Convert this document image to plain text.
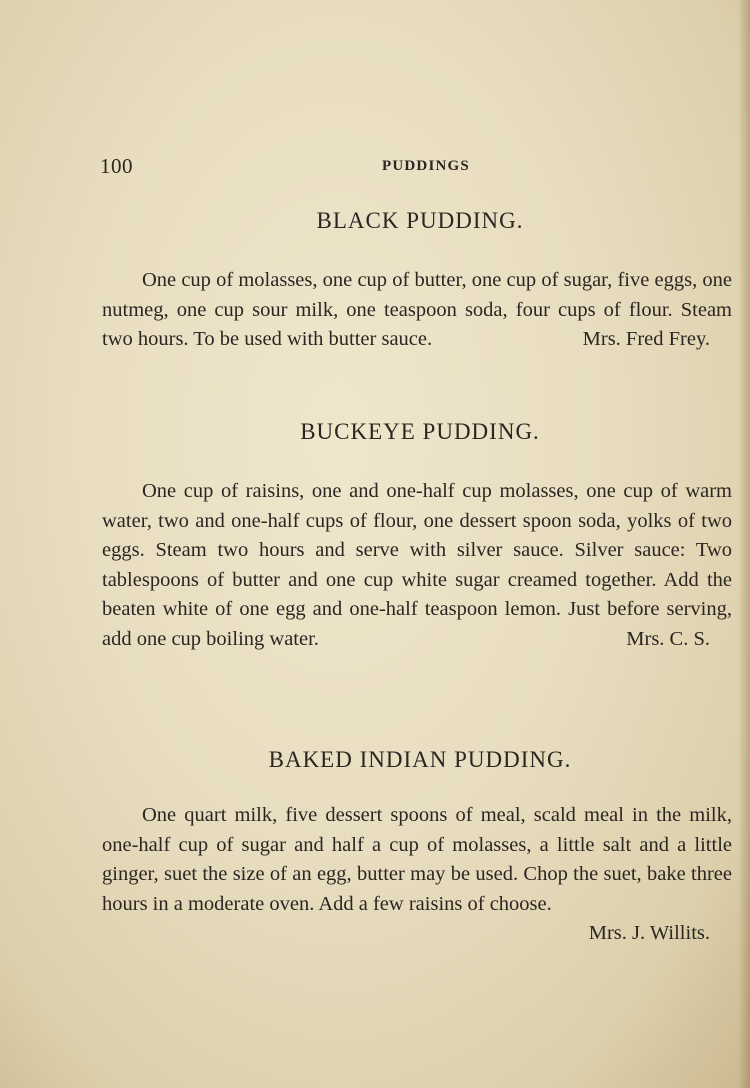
100	PUDDINGS
BLACK PUDDING.

One cup of molasses, one cup of butter, one cup of sugar, five eggs, one nutmeg, one cup sour milk, one teaspoon soda, four cups of flour. Steam two hours. To be used with butter sauce.	Mrs. Fred Frey.

BUCKEYE PUDDING.

One cup of raisins, one and one-half cup molasses, one cup of warm water, two and one-half cups of flour, one dessert spoon soda, yolks of two eggs. Steam two hours and serve with silver sauce. Silver sauce: Two tablespoons of butter and one cup white sugar creamed together. Add the beaten white of one egg and one-half teaspoon lemon. Just before serving, add one cup boiling water.	Mrs. C. S.

BAKED INDIAN PUDDING.

One quart milk, five dessert spoons of meal, scald meal in the milk, one-half cup of sugar and half a cup of molasses, a little salt and a little ginger, suet the size of an egg, butter may be used. Chop the suet, bake three hours in a moderate oven. Add a few raisins of choose.

Mrs. J. Willits.
